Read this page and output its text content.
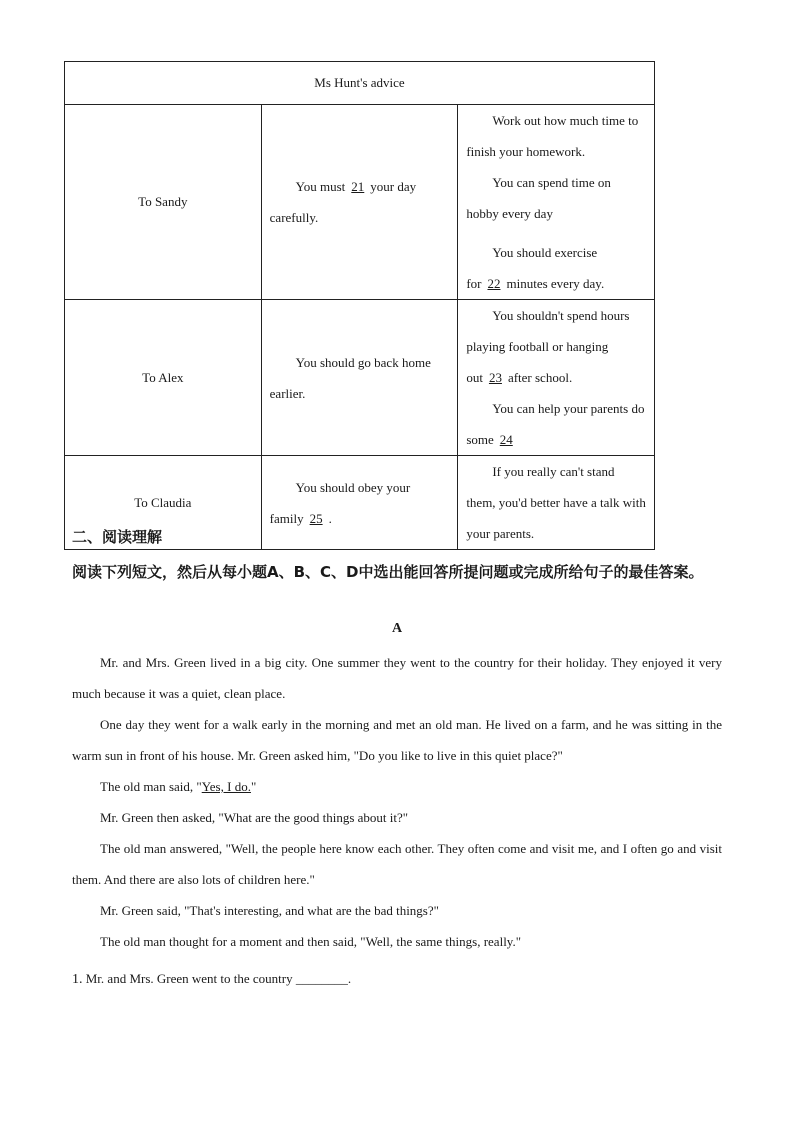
Ms Hunt's advice		
To Sandy	You must 21 your day carefully.	Work out how much time to finish your homework.
You can spend time on hobby every day
You should exercise for 22 minutes every day.

To Alex	You should go back home earlier.	You shouldn't spend hours playing football or hanging out 23 after school.
You can help your parents do some 24

To Claudia	You should obey your family 25 .	If you really can't stand them, you'd better have a talk with your parents.
二、阅读理解
阅读下列短文，然后从每小题A、B、C、D中选出能回答所提问题或完成所给句子的最佳答案。
A

Mr. and Mrs. Green lived in a big city. One summer they went to the country for their holiday. They enjoyed it very much because it was a quiet, clean place.

One day they went for a walk early in the morning and met an old man. He lived on a farm, and he was sitting in the warm sun in front of his house. Mr. Green asked him, "Do you like to live in this quiet place?"

The old man said, "Yes, I do."

Mr. Green then asked, "What are the good things about it?"

The old man answered, "Well, the people here know each other. They often come and visit me, and I often go and visit them. And there are also lots of children here."

Mr. Green said, "That's interesting, and what are the bad things?"

The old man thought for a moment and then said, "Well, the same things, really."

1. Mr. and Mrs. Green went to the country ________.
